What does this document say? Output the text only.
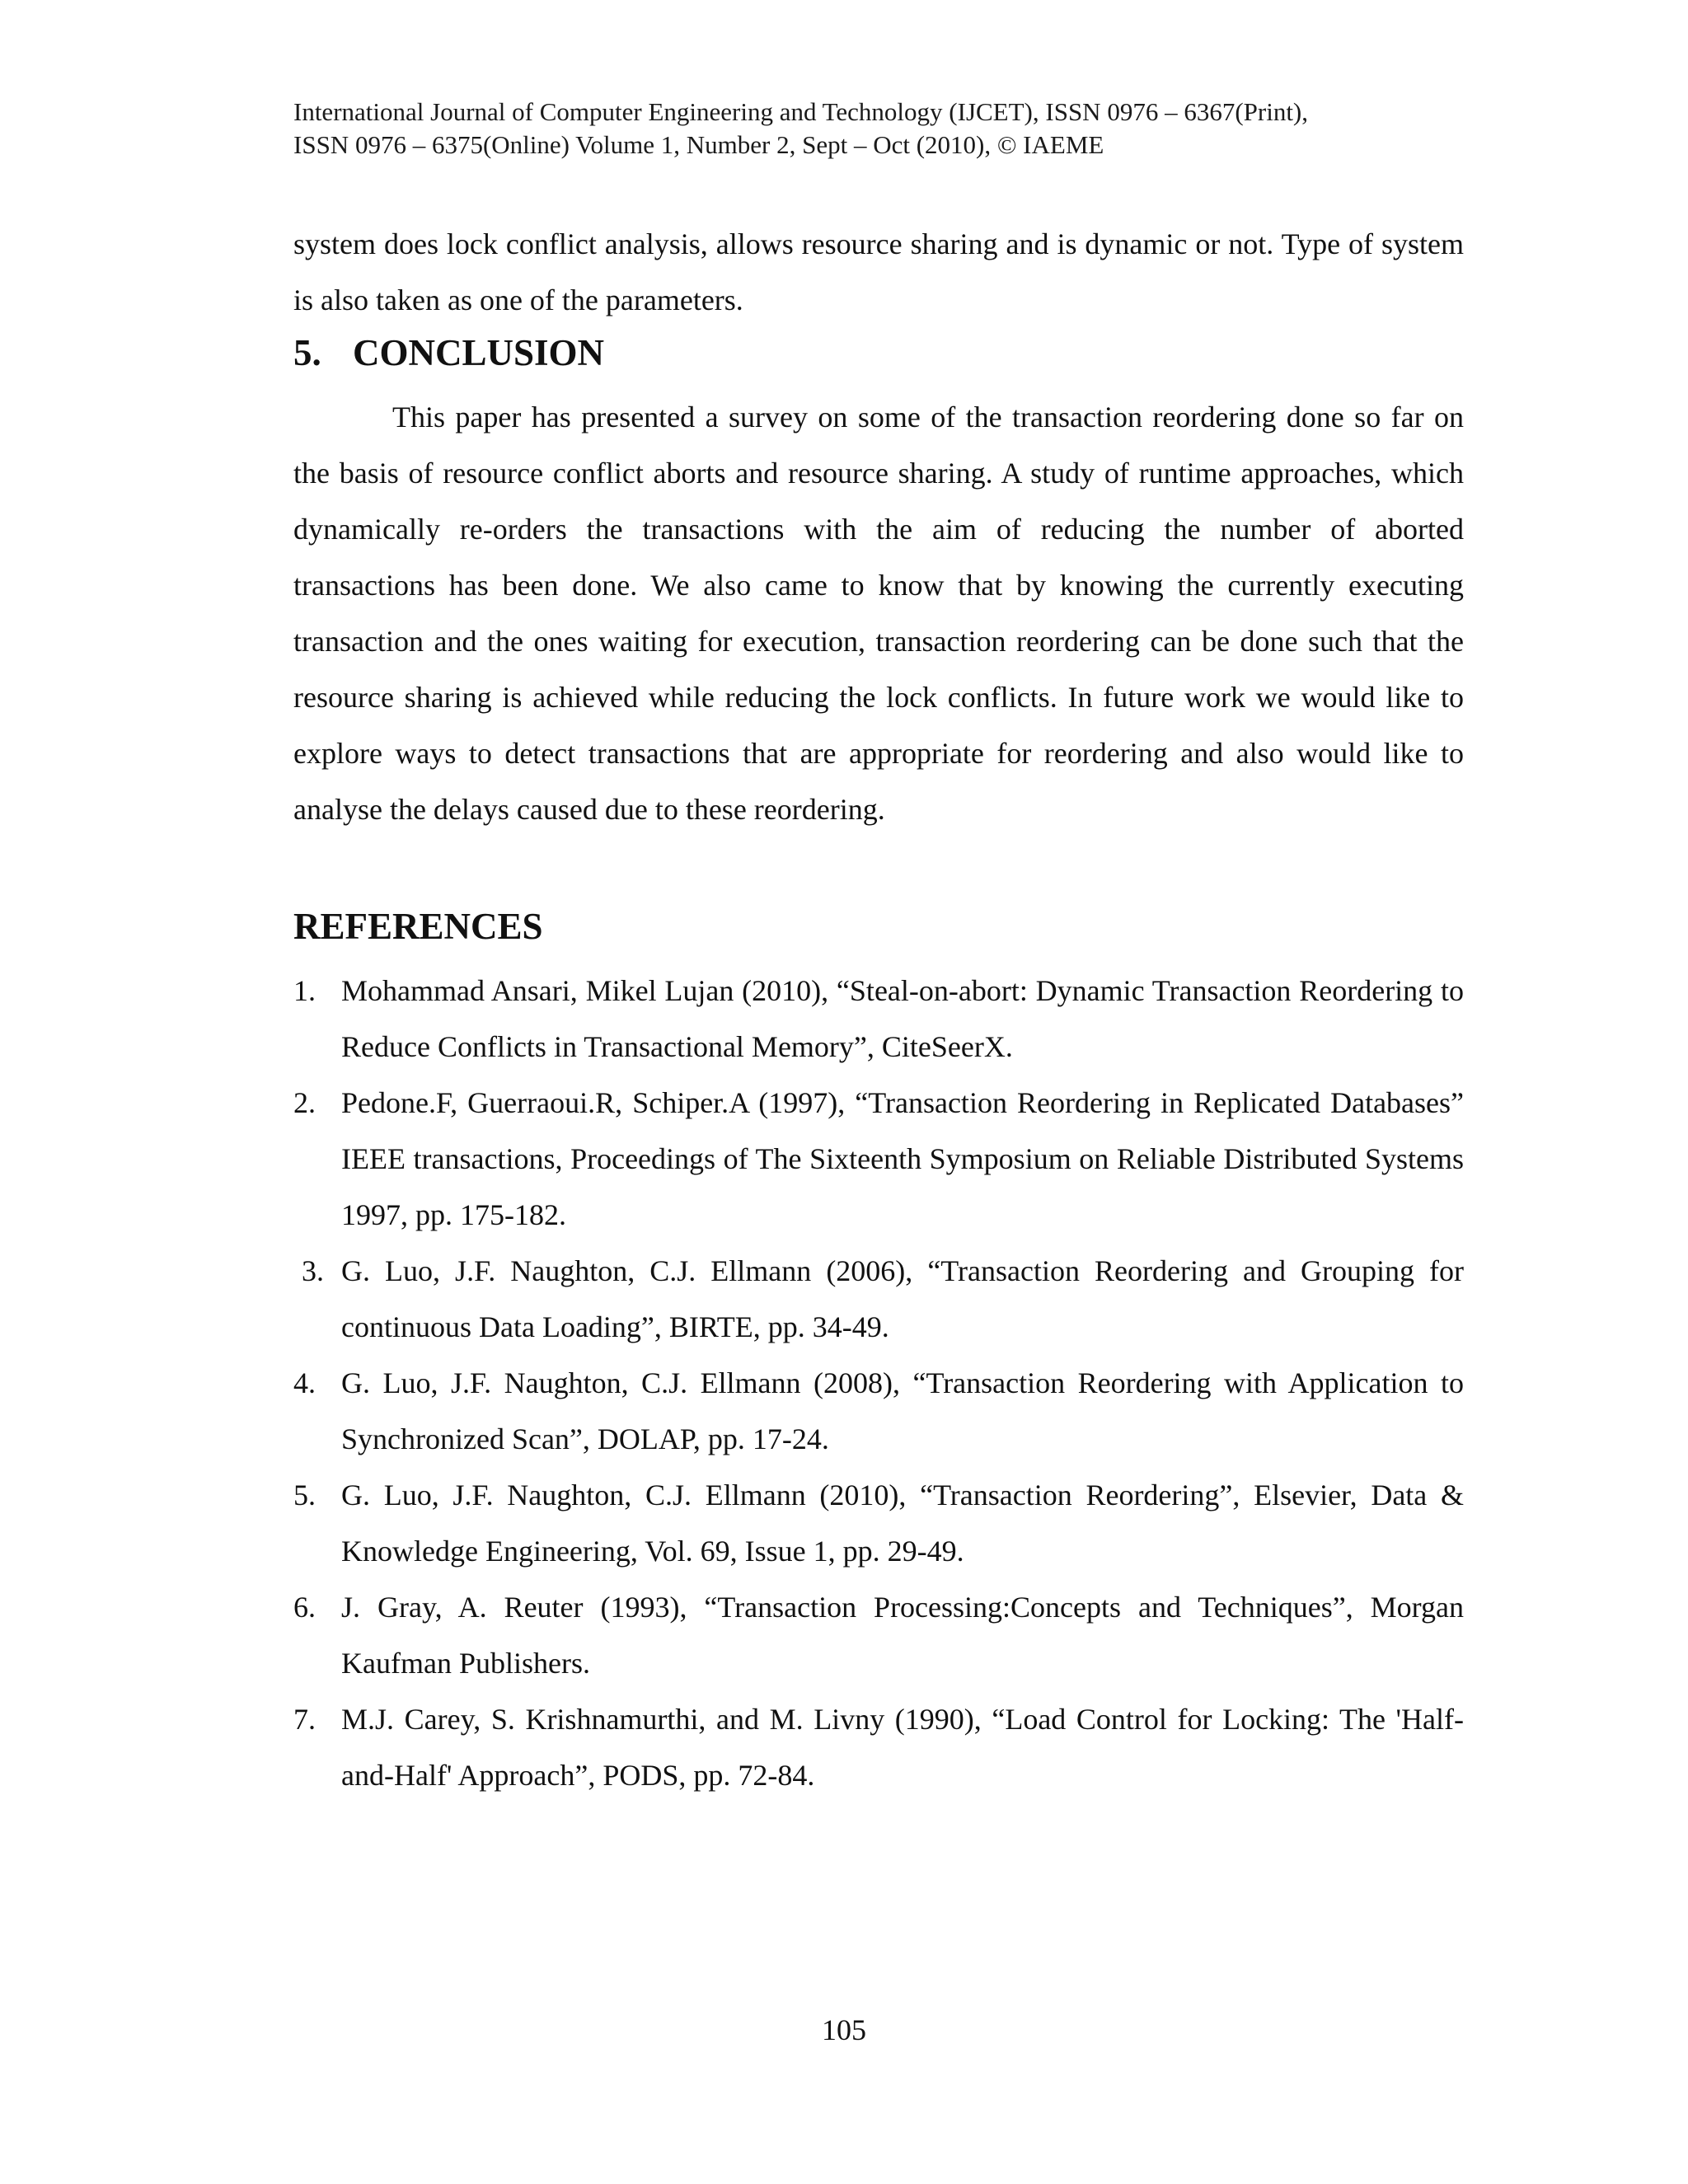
International Journal of Computer Engineering and Technology (IJCET), ISSN 0976 – 6367(Print),
ISSN 0976 – 6375(Online) Volume 1, Number 2, Sept – Oct (2010), © IAEME

system does lock conflict analysis, allows resource sharing and is dynamic or not. Type of system is also taken as one of the parameters.

5. CONCLUSION

This paper has presented a survey on some of the transaction reordering done so far on the basis of resource conflict aborts and resource sharing. A study of runtime approaches, which dynamically re-orders the transactions with the aim of reducing the number of aborted transactions has been done. We also came to know that by knowing the currently executing transaction and the ones waiting for execution, transaction reordering can be done such that the resource sharing is achieved while reducing the lock conflicts. In future work we would like to explore ways to detect transactions that are appropriate for reordering and also would like to analyse the delays caused due to these reordering.

REFERENCES
1. Mohammad Ansari, Mikel Lujan (2010), “Steal-on-abort: Dynamic Transaction Reordering to Reduce Conflicts in Transactional Memory”, CiteSeerX.
2. Pedone.F, Guerraoui.R, Schiper.A (1997), “Transaction Reordering in Replicated Databases” IEEE transactions, Proceedings of The Sixteenth Symposium on Reliable Distributed Systems 1997, pp. 175-182.
3. G. Luo, J.F. Naughton, C.J. Ellmann (2006), “Transaction Reordering and Grouping for continuous Data Loading”, BIRTE, pp. 34-49.
4. G. Luo, J.F. Naughton, C.J. Ellmann (2008), “Transaction Reordering with Application to Synchronized Scan”, DOLAP, pp. 17-24.
5. G. Luo, J.F. Naughton, C.J. Ellmann (2010), “Transaction Reordering”, Elsevier, Data & Knowledge Engineering, Vol. 69, Issue 1, pp. 29-49.
6. J. Gray, A. Reuter (1993), “Transaction Processing:Concepts and Techniques”, Morgan Kaufman Publishers.
7. M.J. Carey, S. Krishnamurthi, and M. Livny (1990), “Load Control for Locking: The 'Half-and-Half' Approach”, PODS, pp. 72-84.
105
